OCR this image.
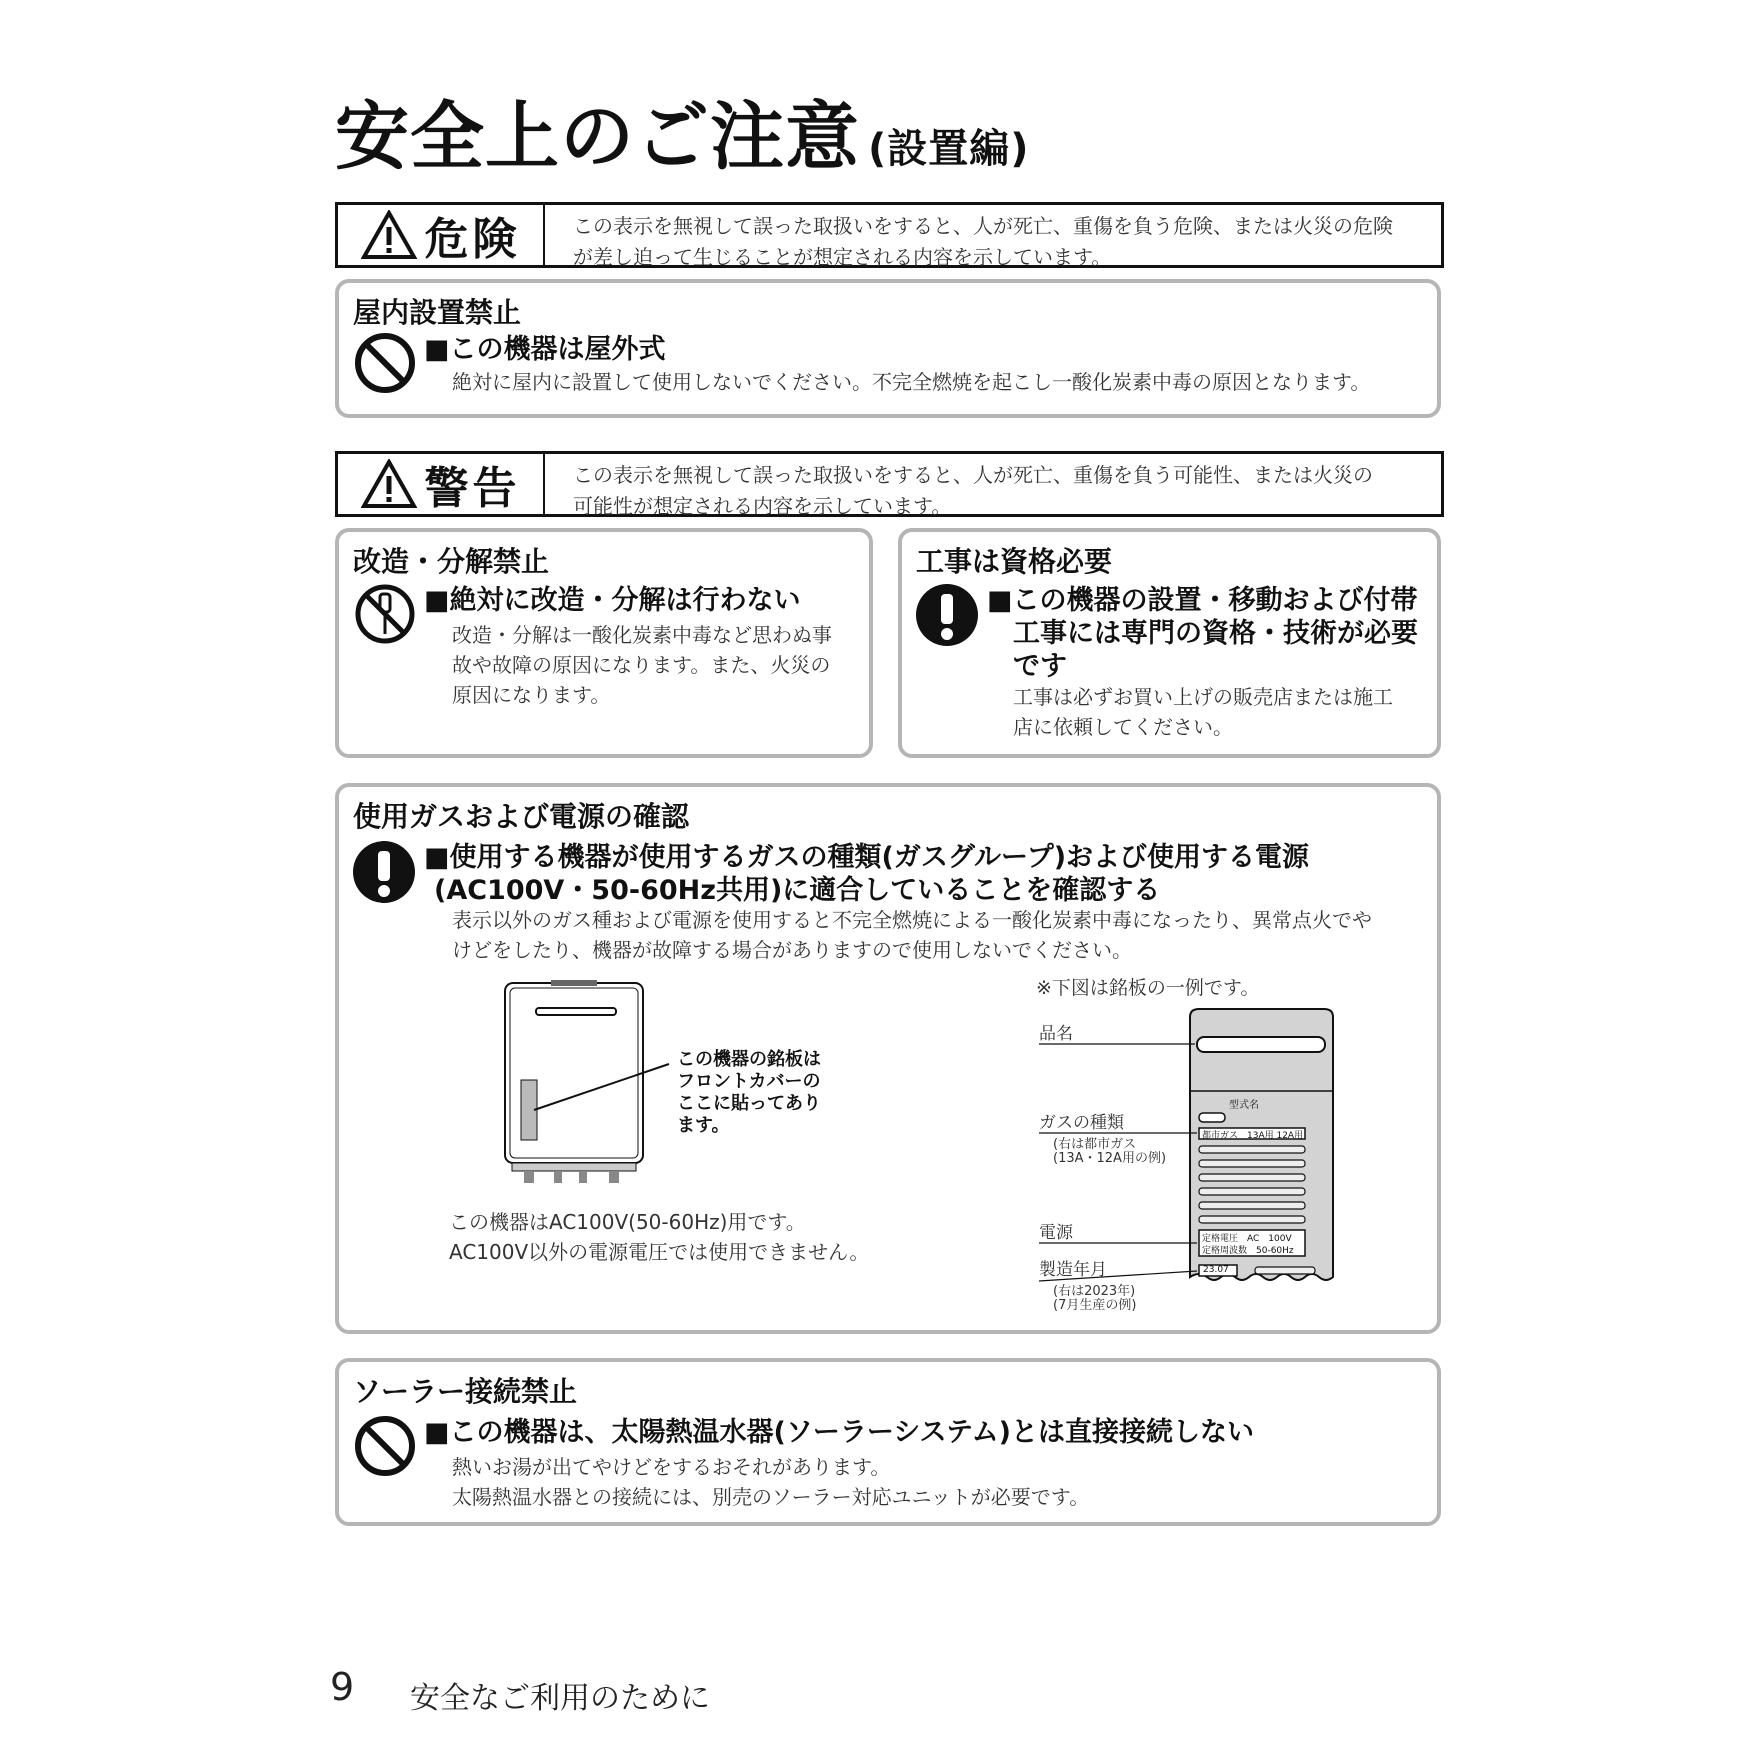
安全上のご注意 (設置編)
危険	この表示を無視して誤った取扱いをすると、人が死亡、重傷を負う危険、または火災の危険
が差し迫って生じることが想定される内容を示しています。
屋内設置禁止
■この機器は屋外式
絶対に屋内に設置して使用しないでください。不完全燃焼を起こし一酸化炭素中毒の原因となります。
警告	この表示を無視して誤った取扱いをすると、人が死亡、重傷を負う可能性、または火災の
可能性が想定される内容を示しています。
改造・分解禁止
■絶対に改造・分解は行わない
改造・分解は一酸化炭素中毒など思わぬ事
故や故障の原因になります。また、火災の
原因になります。
工事は資格必要
■この機器の設置・移動および付帯
工事には専門の資格・技術が必要
です
工事は必ずお買い上げの販売店または施工
店に依頼してください。
使用ガスおよび電源の確認
■使用する機器が使用するガスの種類(ガスグループ)および使用する電源
(AC100V・50-60Hz共用)に適合していることを確認する
表示以外のガス種および電源を使用すると不完全燃焼による一酸化炭素中毒になったり、異常点火でや
けどをしたり、機器が故障する場合がありますので使用しないでください。
この機器の銘板は
フロントカバーの
ここに貼ってあり
ます。
この機器はAC100V(50-60Hz)用です。
AC100V以外の電源電圧では使用できません。
※下図は銘板の一例です。
品名
ガスの種類
(右は都市ガス
(13A・12A用の例)
電源
製造年月
(右は2023年)
(7月生産の例)
型式名
都市ガス　13A用 12A用
定格電圧　AC　100V
定格周波数　50-60Hz
23.07
ソーラー接続禁止
■この機器は、太陽熱温水器(ソーラーシステム)とは直接接続しない
熱いお湯が出てやけどをするおそれがあります。
太陽熱温水器との接続には、別売のソーラー対応ユニットが必要です。
9 安全なご利用のために
